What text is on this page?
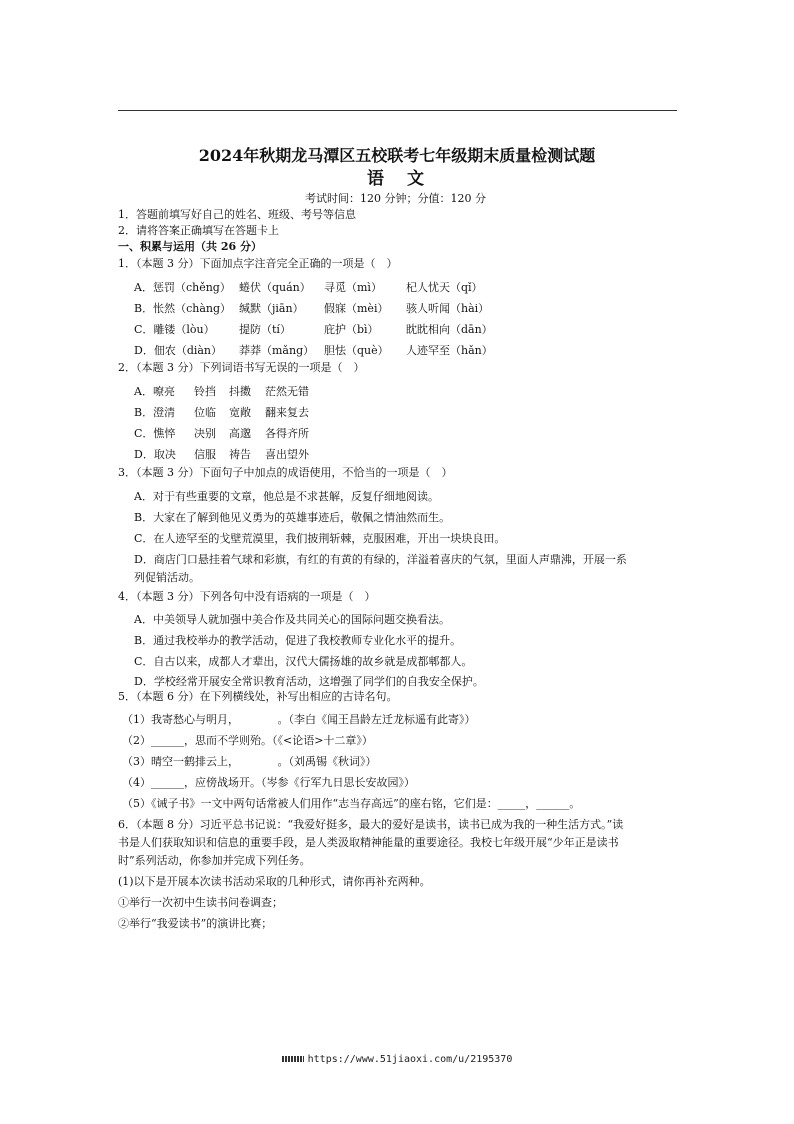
2024年秋期龙马潭区五校联考七年级期末质量检测试题
语　文
考试时间：120 分钟；分值：120 分
1．答题前填写好自己的姓名、班级、考号等信息
2．请将答案正确填写在答题卡上
一、积累与运用（共 26 分）
1．（本题 3 分）下面加点字注音完全正确的一项是（　）
A．惩罚（chěng） 蜷伏（quán） 寻觅（mì） 杞人忧天（qǐ）
B．怅然（chàng） 缄默（jiān） 假寐（mèi） 骇人听闻（hài）
C．雕镂（lòu） 提防（tí）	庇护（bì） 眈眈相向（dān）
D．佃农（diàn） 莽莽（mǎng） 胆怯（què） 人迹罕至（hǎn）
2．（本题 3 分）下列词语书写无误的一项是（　）
A．嘹亮 铃挡 抖擞 茫然无错
B．澄清 位临 宽敞 翻来复去
C．憔悴 决别 高邈 各得齐所
D．取决 信服 祷告 喜出望外
3．（本题 3 分）下面句子中加点的成语使用，不恰当的一项是（　）
A．对于有些重要的文章，他总是不求甚解，反复仔细地阅读。
B．大家在了解到他见义勇为的英雄事迹后，敬佩之情油然而生。
C．在人迹罕至的戈壁荒漠里，我们披荆斩棘，克服困难，开出一块块良田。
D．商店门口悬挂着气球和彩旗，有红的有黄的有绿的，洋溢着喜庆的气氛，里面人声鼎沸，开展一系
列促销活动。
4．（本题 3 分）下列各句中没有语病的一项是（　）
A．中美领导人就加强中美合作及共同关心的国际问题交换看法。
B．通过我校举办的教学活动，促进了我校教师专业化水平的提升。
C．自古以来，成都人才辈出，汉代大儒扬雄的故乡就是成都郫都人。
D．学校经常开展安全常识教育活动，这增强了同学们的自我安全保护。
5．（本题 6 分）在下列横线处，补写出相应的古诗名句。
（1）我寄愁心与明月，　　　　。（李白《闻王昌龄左迁龙标遥有此寄》）
（2）______，思而不学则殆。（《<论语>十二章》）
（3）晴空一鹤排云上，　　　　。（刘禹锡《秋词》）
（4）______，应傍战场开。（岑参《行军九日思长安故园》）
（5）《诫子书》一文中两句话常被人们用作“志当存高远”的座右铭，它们是：_____，______。
6．（本题 8 分）习近平总书记说：“我爱好挺多，最大的爱好是读书，读书已成为我的一种生活方式。”读
书是人们获取知识和信息的重要手段，是人类汲取精神能量的重要途径。我校七年级开展“少年正是读书
时”系列活动，你参加并完成下列任务。
(1)以下是开展本次读书活动采取的几种形式，请你再补充两种。
①举行一次初中生读书问卷调查；
②举行“我爱读书”的演讲比赛；
https://www.51jiaoxi.com/u/2195370
